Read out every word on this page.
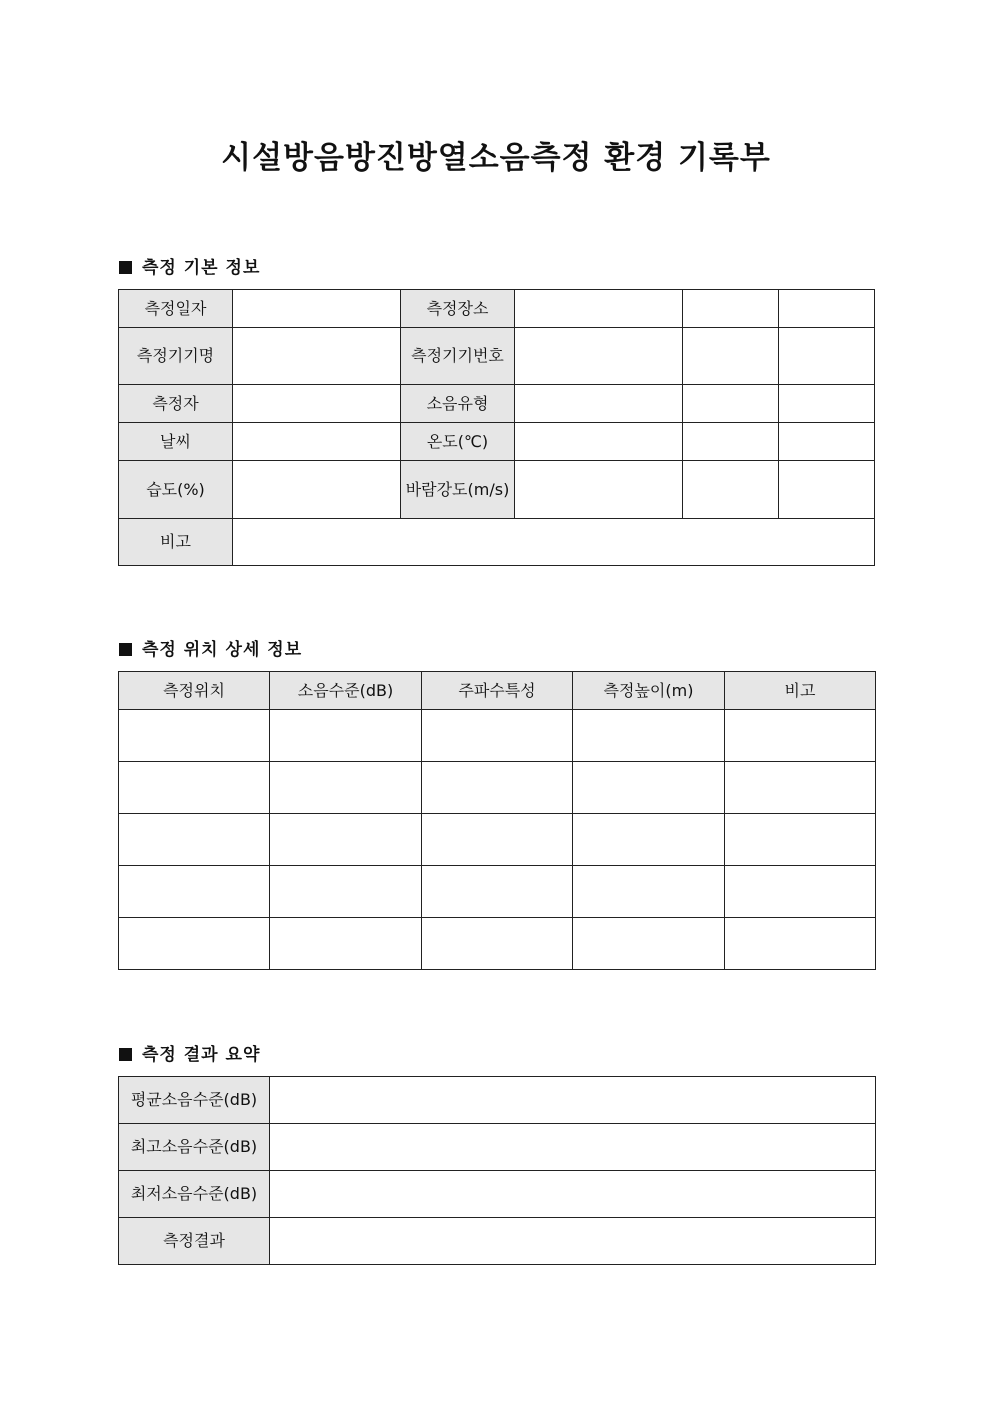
시설방음방진방열소음측정 환경 기록부
측정 기본 정보
측정일자		측정장소			
측정기기명		측정기기번호			
측정자		소음유형			
날씨		온도(℃)			
습도(%)		바람강도(m/s)			
비고					
측정 위치 상세 정보
측정위치	소음수준(dB)	주파수특성	측정높이(m)	비고

측정 결과 요약
평균소음수준(dB)	
최고소음수준(dB)	
최저소음수준(dB)	
측정결과	
